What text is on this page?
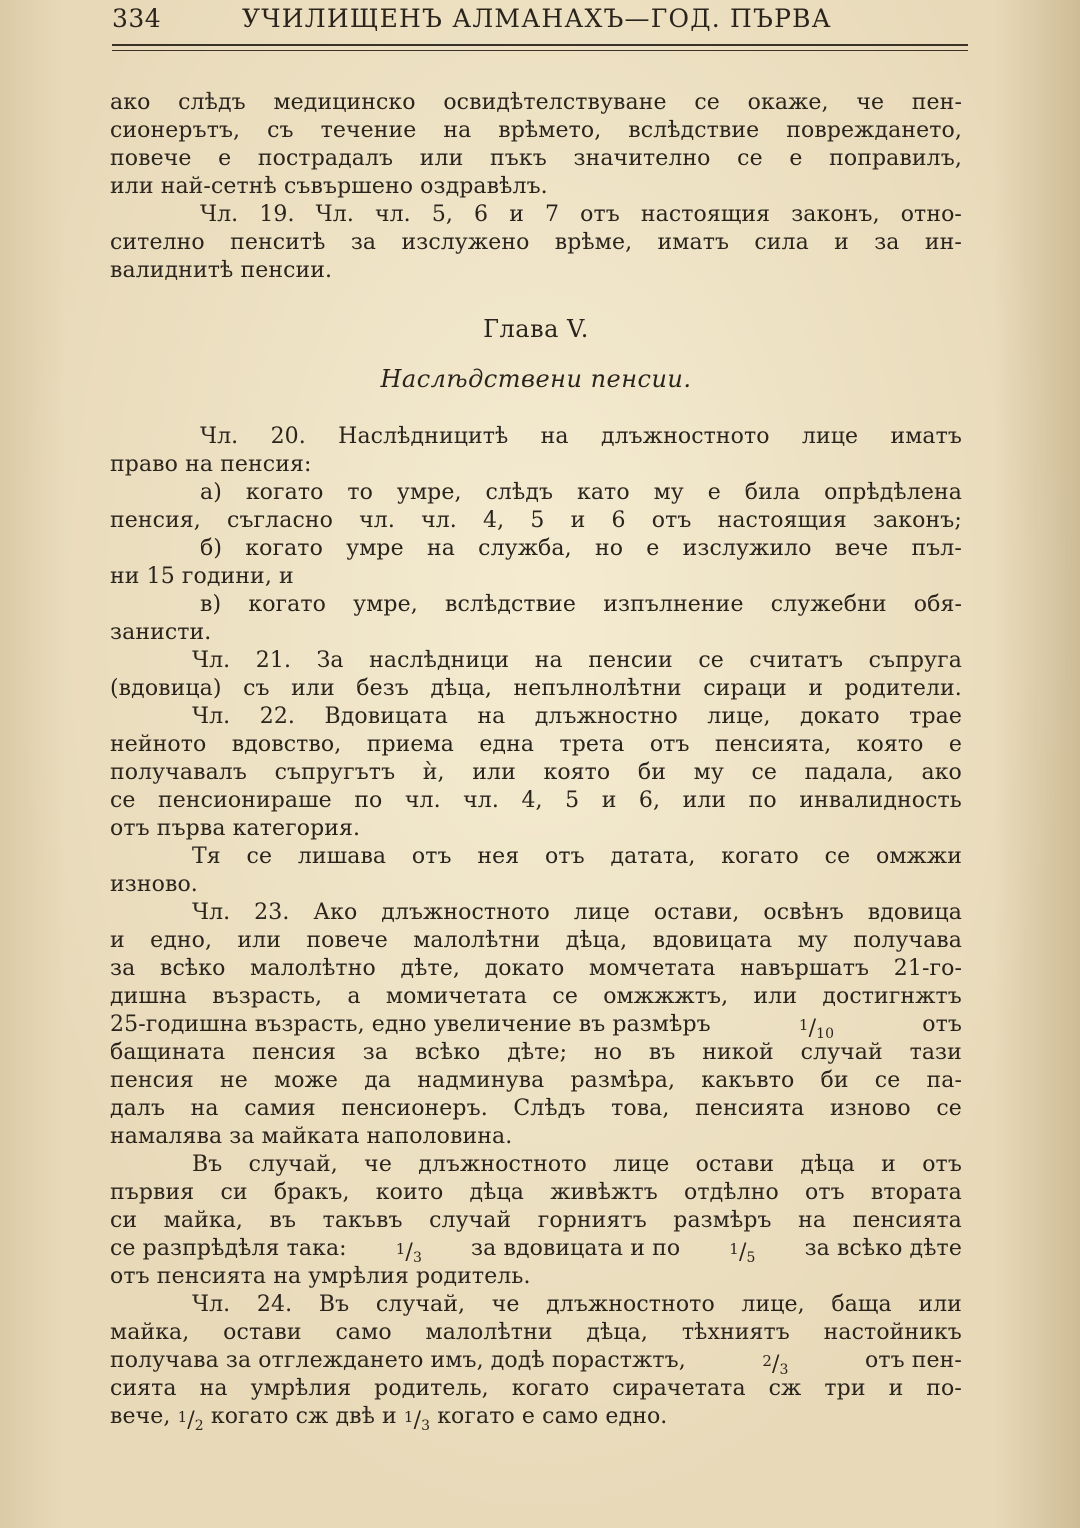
334	УЧИЛИЩЕНЪ АЛМАНАХЪ—ГОД. ПЪРВА
ако слѣдъ медицинско освидѣтелствуване се окаже, че пен-
сионерътъ, съ течение на врѣмето, вслѣдствие повреждането,
повече е пострадалъ или пъкъ значително се е поправилъ,
или най-сетнѣ съвършено оздравѣлъ.
Чл. 19. Чл. чл. 5, 6 и 7 отъ настоящия законъ, отно-
сително пенситѣ за изслужено врѣме, иматъ сила и за ин-
валиднитѣ пенсии.
Глава V.
Наслѣдствени пенсии.
Чл. 20. Наслѣдницитѣ на длъжностното лице иматъ
право на пенсия:
а) когато то умре, слѣдъ като му е била опрѣдѣлена
пенсия, съгласно чл. чл. 4, 5 и 6 отъ настоящия законъ;
б) когато умре на служба, но е изслужило вече пъл-
ни 15 години, и
в) когато умре, вслѣдствие изпълнение служебни обя-
занисти.
Чл. 21. За наслѣдници на пенсии се считатъ съпруга
(вдовица) съ или безъ дѣца, непълнолѣтни сираци и родители.
Чл. 22. Вдовицата на длъжностно лице, докато трае
нейното вдовство, приема една трета отъ пенсията, която е
получавалъ съпругътъ ѝ, или която би му се падала, ако
се пенсионираше по чл. чл. 4, 5 и 6, или по инвалидность
отъ първа категория.
Тя се лишава отъ нея отъ датата, когато се омжжи
изново.
Чл. 23. Ако длъжностното лице остави, освѣнъ вдовица
и едно, или повече малолѣтни дѣца, вдовицата му получава
за всѣко малолѣтно дѣте, докато момчетата навършатъ 21-го-
дишна възрасть, а момичетата се омжжжтъ, или достигнжтъ
25-годишна възрасть, едно увеличение въ размѣръ	$^1$/10	отъ
бащината пенсия за всѣко дѣте; но въ никой случай тази
пенсия не може да надминува размѣра, какъвто би се па-
далъ на самия пенсионеръ. Слѣдъ това, пенсията изново се
намалява за майката наполовина.
Въ случай, че длъжностното лице остави дѣца и отъ
първия си бракъ, които дѣца живѣжтъ отдѣлно отъ втората
си майка, въ такъвъ случай горниятъ размѣръ на пенсията
се разпрѣдѣля така:	$^1$/3 за вдовицата и по	$^1$/5 за всѣко дѣте
отъ пенсията на умрѣлия родитель.
Чл. 24. Въ случай, че длъжностното лице, баща или
майка, остави само малолѣтни дѣца, тѣхниятъ настойникъ
получава за отглеждането имъ, додѣ порастжтъ,	$^2$/3	отъ пен-
сията на умрѣлия родитель, когато сирачетата сж три и по-
вече,
$^1$/2
когато сж двѣ и
$^1$/3
когато е само едно.
